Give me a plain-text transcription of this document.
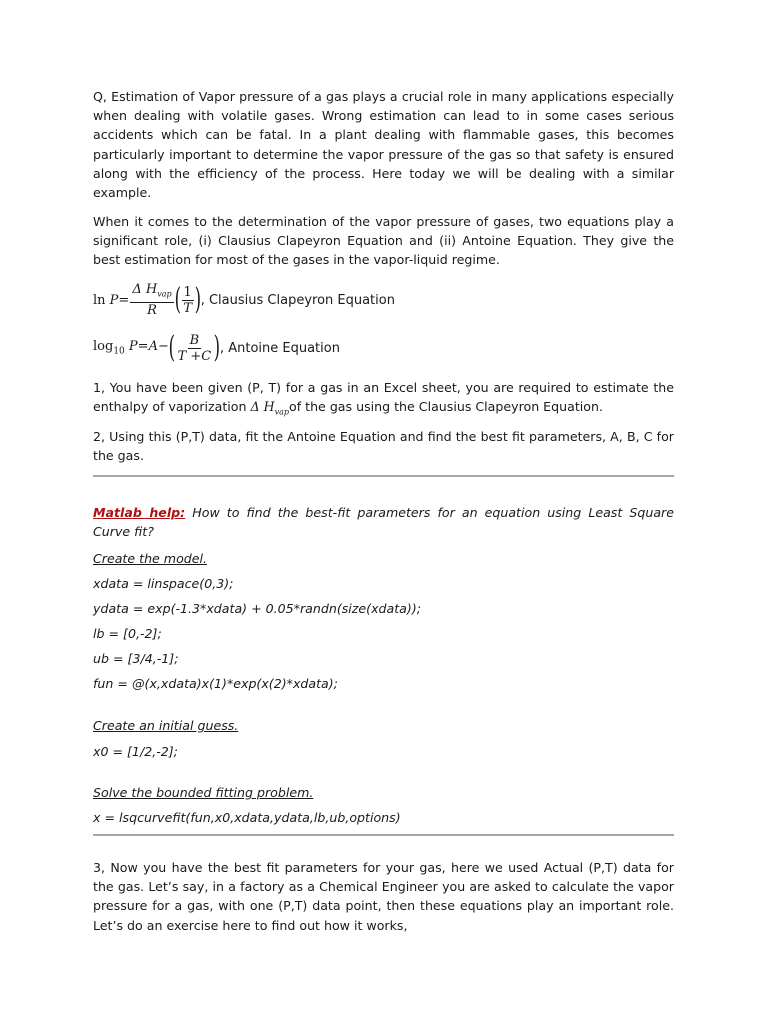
Q, Estimation of Vapor pressure of a gas plays a crucial role in many applications especially when dealing with volatile gases. Wrong estimation can lead to in some cases serious accidents which can be fatal. In a plant dealing with flammable gases, this becomes particularly important to determine the vapor pressure of the gas so that safety is ensured along with the efficiency of the process. Here today we will be dealing with a similar example.
When it comes to the determination of the vapor pressure of gases, two equations play a significant role, (i) Clausius Clapeyron Equation and (ii) Antoine Equation. They give the best estimation for most of the gases in the vapor-liquid regime.
$\ln P= \frac{\Delta H_{vap}}{R}$ ( $\frac{1}{T}$ ) , Clausius Clapeyron Equation
$\log_{10} P=A-$ ( $\frac{B}{T +C}$ ) , Antoine Equation
1, You have been given (P, T) for a gas in an Excel sheet, you are required to estimate the enthalpy of vaporization Δ $H_{vap}of$ the gas using the Clausius Clapeyron Equation.
2, Using this (P,T) data, fit the Antoine Equation and find the best fit parameters, A, B, C for the gas.
Matlab help: How to find the best-fit parameters for an equation using Least Square Curve fit?
Create the model.
xdata = linspace(0,3);
ydata = exp(-1.3*xdata) + 0.05*randn(size(xdata));
lb = [0,-2];
ub = [3/4,-1];
fun = @(x,xdata)x(1)*exp(x(2)*xdata);
Create an initial guess.
x0 = [1/2,-2];
Solve the bounded fitting problem.
x = lsqcurvefit(fun,x0,xdata,ydata,lb,ub,options)
3, Now you have the best fit parameters for your gas, here we used Actual (P,T) data for the gas. Let’s say, in a factory as a Chemical Engineer you are asked to calculate the vapor pressure for a gas, with one (P,T) data point, then these equations play an important role. Let’s do an exercise here to find out how it works,
